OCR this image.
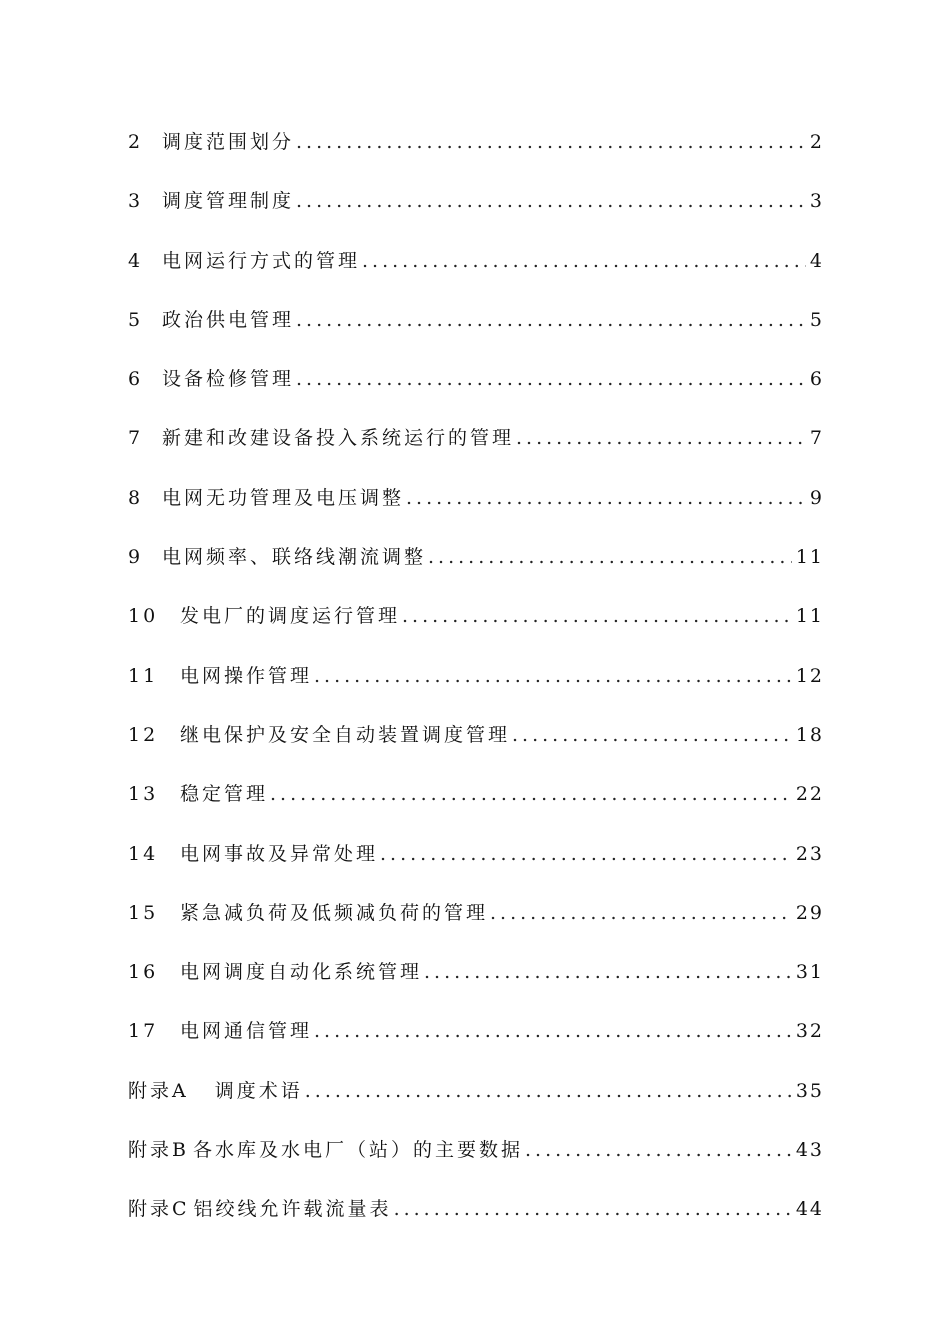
2 调度范围划分 .....	2
3 调度管理制度 .....	3
4 电网运行方式的管理 .....	4
5 政治供电管理 .....	5
6 设备检修管理 .....	6
7 新建和改建设备投入系统运行的管理 .....	7
8 电网无功管理及电压调整 .....	9
9 电网频率、联络线潮流调整 .....	11
10	发电厂的调度运行管理 .....	11
11	电网操作管理 .....	12
12	继电保护及安全自动装置调度管理 .....	18
13	稳定管理 .....	22
14	电网事故及异常处理 .....	23
15	紧急减负荷及低频减负荷的管理 .....	29
16	电网调度自动化系统管理 .....	31
17	电网通信管理 .....	32
附录A 调度术语 .....	35
附录B 各水库及水电厂（站）的主要数据 .....	43
附录C 铝绞线允许载流量表 .....	44
